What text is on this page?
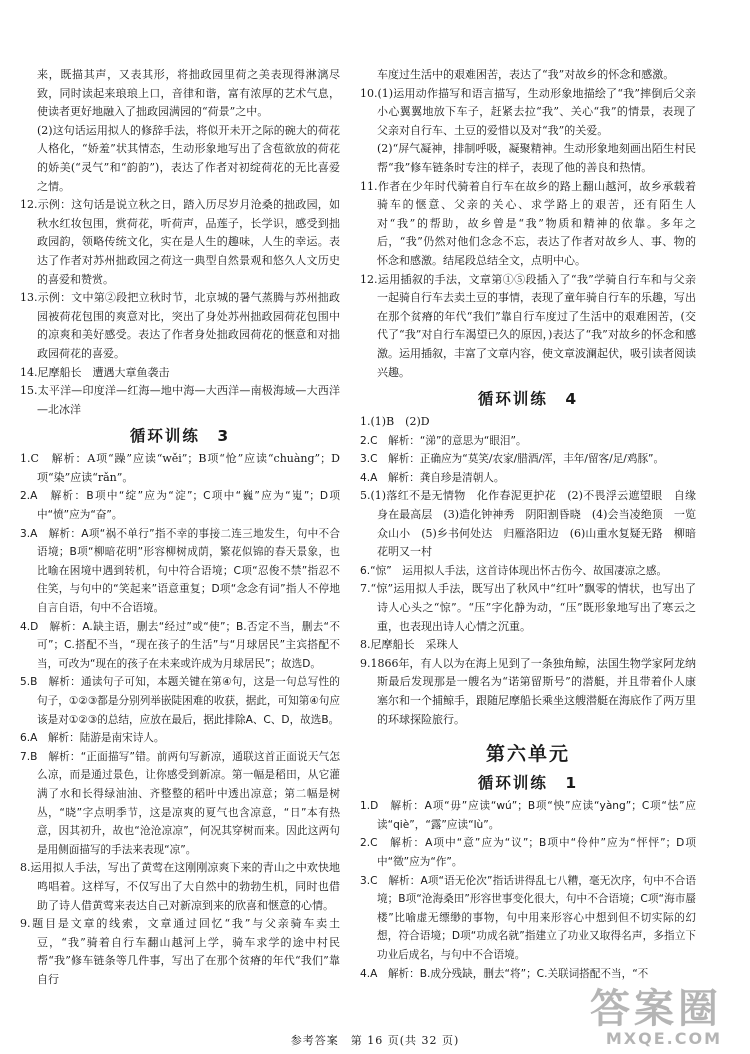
来，既描其声，又表其形，将拙政园里荷之美表现得淋漓尽致，同时读起来琅琅上口，音律和谐，富有浓厚的艺术气息，使读者更好地融入了拙政园满园的“荷景”之中。

(2)这句话运用拟人的修辞手法，将似开未开之际的碗大的荷花人格化，“娇羞”状其情态，生动形象地写出了含苞欲放的荷花的娇美(“灵气”和“韵韵”)，表达了作者对初绽荷花的无比喜爱之情。

12.示例：这句话是说立秋之日，踏入历尽岁月沧桑的拙政园，如秋水红妆包围，赏荷花，听荷声，品莲子，长学识，感受到拙政园韵，领略传统文化，实在是人生的趣味，人生的幸运。表达了作者对苏州拙政园之荷这一典型自然景观和悠久人文历史的喜爱和赞赏。

13.示例：文中第②段把立秋时节，北京城的暑气蒸腾与苏州拙政园被荷花包围的爽意对比，突出了身处苏州拙政园荷花包围中的凉爽和美好感受。表达了作者身处拙政园荷花的惬意和对拙政园荷花的喜爱。

14.尼摩船长　遭遇大章鱼袭击

15.太平洋—印度洋—红海—地中海—大西洋—南极海域—大西洋—北冰洋

循环训练　3

1.C　解析：A项“躁”应读“wěi”；B项“怆”应读“chuàng”；D项“染”应读“rǎn”。

2.A　解析：B项中“绽”应为“淀”；C项中“巍”应为“嵬”；D项中“愤”应为“奋”。

3.A　解析：A项“祸不单行”指不幸的事接二连三地发生，句中不合语境；B项“柳暗花明”形容柳树成荫，繁花似锦的春天景象，也比喻在困境中遇到转机，句中符合语境；C项“忍俊不禁”指忍不住笑，与句中的“笑起来”语意重复；D项“念念有词”指人不停地自言自语，句中不合语境。

4.D　解析：A.缺主语，删去“经过”或“使”；B.否定不当，删去“不可”；C.搭配不当，“现在孩子的生活”与“月球居民”主宾搭配不当，可改为“现在的孩子在未来或许成为月球居民”；故选D。

5.B　解析：通读句子可知，本题关键在第④句，这是一句总写性的句子，①②③都是分别列举嵌陡困难的收获，据此，可知第④句应该是对①②③的总结，应放在最后，据此排除A、C、D，故选B。

6.A　解析：陆游是南宋诗人。

7.B　解析：“正面描写”错。前两句写新凉，通联这首正面说天气怎么凉，而是通过景色，让你感受到新凉。第一幅是稻田，从它灌满了水和长得绿油油、齐整整的稻叶中透出凉意；第二幅是树丛，“晓”字点明季节，这是凉爽的夏气也含凉意，“日”本有热意，因其初升，故也“沧沧凉凉”，何况其穿树而来。因此这两句是用侧面描写的手法来表现“凉”。

8.运用拟人手法，写出了黄莺在这刚刚凉爽下来的青山之中欢快地鸣唱着。这样写，不仅写出了大自然中的勃勃生机，同时也借助了诗人借黄莺来表达自己对新凉到来的欣喜和惬意的心情。

9.题目是文章的线索，文章通过回忆“我”与父亲骑车卖土豆，“我”骑着自行车翻山越河上学，骑车求学的途中村民帮“我”修车链条等几件事，写出了在那个贫瘠的年代“我们”靠自行

车度过生活中的艰难困苦，表达了“我”对故乡的怀念和感激。

10.(1)运用动作描写和语言描写，生动形象地描绘了“我”摔倒后父亲小心翼翼地放下车子，赶紧去拉“我”、关心“我”的情景，表现了父亲对自行车、土豆的爱惜以及对“我”的关爱。

(2)“屏气凝神，排制呼吸，凝聚精神。生动形象地刻画出陌生村民帮“我”修车链条时专注的样子，表现了他的善良和热情。

11.作者在少年时代骑着自行车在故乡的路上翻山越河，故乡承载着骑车的惬意、父亲的关心、求学路上的艰苦，还有陌生人对“我”的帮助，故乡曾是“我”物质和精神的依靠。多年之后，“我”仍然对他们念念不忘，表达了作者对故乡人、事、物的怀念和感激。结尾段总结全文，点明中心。

12.运用插叙的手法，文章第①⑤段插入了“我”学骑自行车和与父亲一起骑自行车去卖土豆的事情，表现了童年骑自行车的乐趣，写出在那个贫瘠的年代“我们”靠自行车度过了生活中的艰难困苦，(交代了“我”对自行车渴望已久的原因，)表达了“我”对故乡的怀念和感激。运用插叙，丰富了文章内容，使文章波澜起伏，吸引读者阅读兴趣。

循环训练　4

1.(1)B　(2)D

2.C　解析：“涕”的意思为“眼泪”。

3.C　解析：正确应为“莫笑/农家/腊酒/浑，丰年/留客/足/鸡豚”。

4.A　解析：龚自珍是清朝人。

5.(1)落红不是无情物　化作春泥更护花　(2)不畏浮云遮望眼　自缘身在最高层　(3)造化钟神秀　阴阳割昏晓　(4)会当凌绝顶　一览众山小　(5)乡书何处达　归雁洛阳边　(6)山重水复疑无路　柳暗花明又一村

6.“惊”　运用拟人手法，这首诗体现出怀古伤今、故国凄凉之感。

7.“惊”运用拟人手法，既写出了秋风中“红叶”飘零的情状，也写出了诗人心头之“惊”。“压”字化静为动，“压”既形象地写出了寒云之重，也表现出诗人心情之沉重。

8.尼摩船长　采珠人

9.1866年，有人以为在海上见到了一条独角鲸，法国生物学家阿龙纳斯最后发现那是一艘名为“诺第留斯号”的潜艇，并且带着仆人康塞尔和一个捕鲸手，跟随尼摩船长乘坐这艘潜艇在海底作了两万里的环球探险旅行。

第六单元
循环训练　1

1.D　解析：A项“毋”应读“wú”；B项“怏”应读“yàng”；C项“怯”应读“qiè”，“露”应读“lù”。

2.C　解析：A项中“意”应为“议”；B项中“伶仲”应为“怦怦”；D项中“徵”应为“作”。

3.C　解析：A项“语无伦次”指话讲得乱七八糟，毫无次序，句中不合语境；B项“沧海桑田”形容世事变化很大，句中不合语境；C项“海市蜃楼”比喻虚无缥缈的事物，句中用来形容心中想到但不切实际的幻想，符合语境；D项“功成名就”指建立了功业又取得名声，多指立下功业后成名，与句中不合语境。

4.A　解析：B.成分残缺，删去“将”；C.关联词搭配不当，“不

参考答案　第 16 页(共 32 页)
答案圈
MXQE.COM
